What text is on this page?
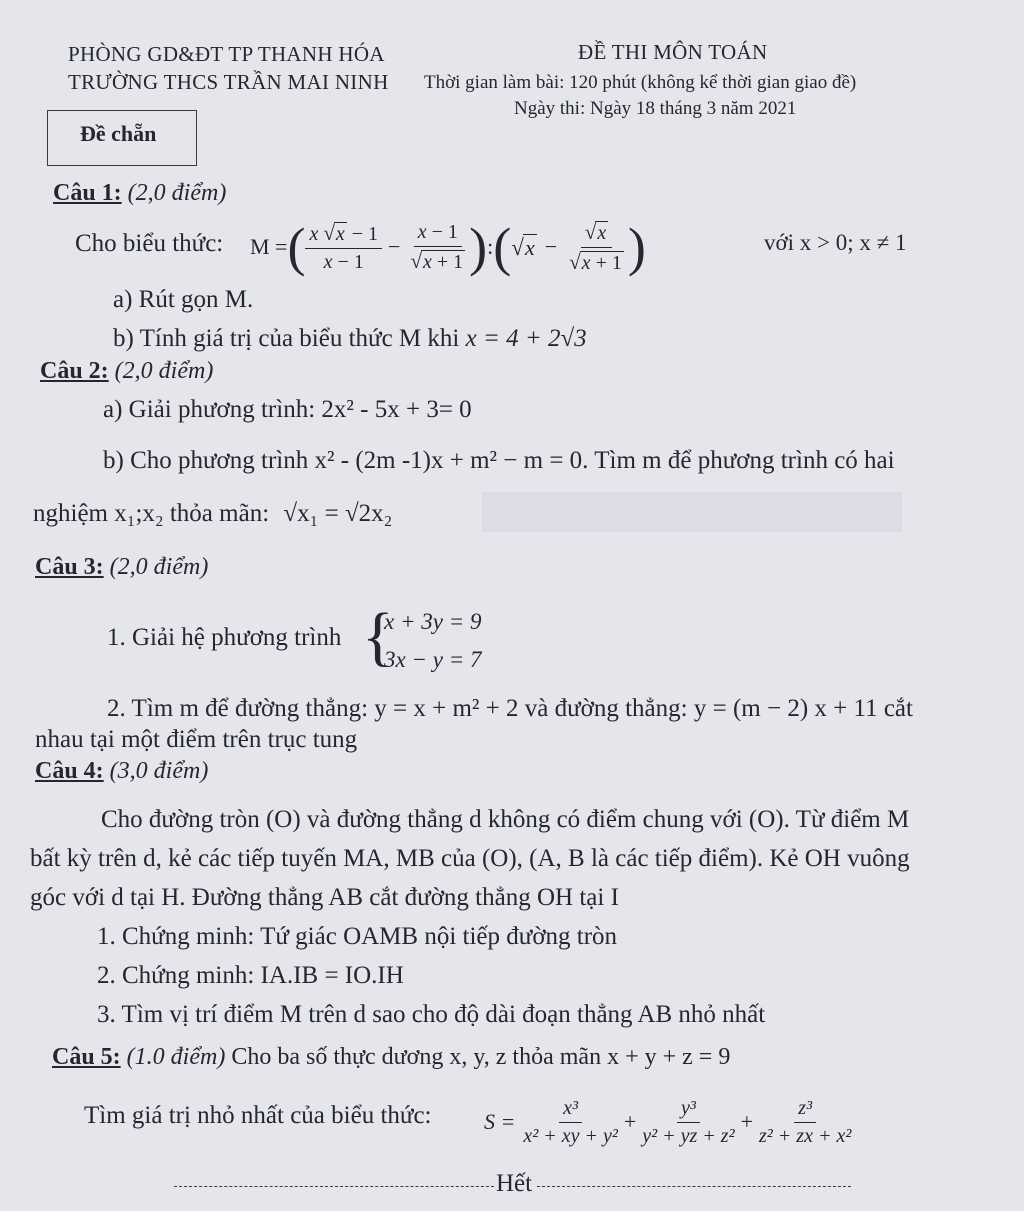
PHÒNG GD&ĐT TP THANH HÓA
TRƯỜNG THCS TRẦN MAI NINH
ĐỀ THI MÔN TOÁN
Thời gian làm bài: 120 phút (không kể thời gian giao đề)
Ngày thi: Ngày 18 tháng 3 năm 2021
Đề chẵn
Câu 1: (2,0 điểm)
Cho biểu thức: M = ( $\frac{x √x - 1}{x - 1} - \frac{x - 1}{√x + 1}$ ) : ( √ $x - \frac{√x}{√x + 1}$ )	với x > 0; x ≠ 1
a) Rút gọn M.
b) Tính giá trị của biểu thức M khi x = 4 + 2√3
Câu 2: (2,0 điểm)
a) Giải phương trình: 2x² - 5x + 3= 0
b) Cho phương trình x² - (2m -1)x + m² − m = 0. Tìm m để phương trình có hai
nghiệm x₁;x₂ thỏa mãn: √x₁ = √2x₂
Câu 3: (2,0 điểm)
1. Giải hệ phương trình {
x + 3y = 9
3x − y = 7
2. Tìm m để đường thẳng: y = x + m² + 2 và đường thẳng: y = (m − 2) x + 11 cắt
nhau tại một điểm trên trục tung
Câu 4: (3,0 điểm)
Cho đường tròn (O) và đường thẳng d không có điểm chung với (O). Từ điểm M
bất kỳ trên d, kẻ các tiếp tuyến MA, MB của (O), (A, B là các tiếp điểm). Kẻ OH vuông
góc với d tại H. Đường thẳng AB cắt đường thẳng OH tại I
1. Chứng minh: Tứ giác OAMB nội tiếp đường tròn
2. Chứng minh: IA.IB = IO.IH
3. Tìm vị trí điểm M trên d sao cho độ dài đoạn thẳng AB nhỏ nhất
Câu 5: (1.0 điểm) Cho ba số thực dương x, y, z thỏa mãn x + y + z = 9
Tìm giá trị nhỏ nhất của biểu thức: $S = \frac{\text{x³}}{\text{x² + xy + y²}} + \frac{\text{y³}}{\text{y² + yz + z²}} + \frac{\text{z³}}{\text{z² + zx + x²}}$
Hết
